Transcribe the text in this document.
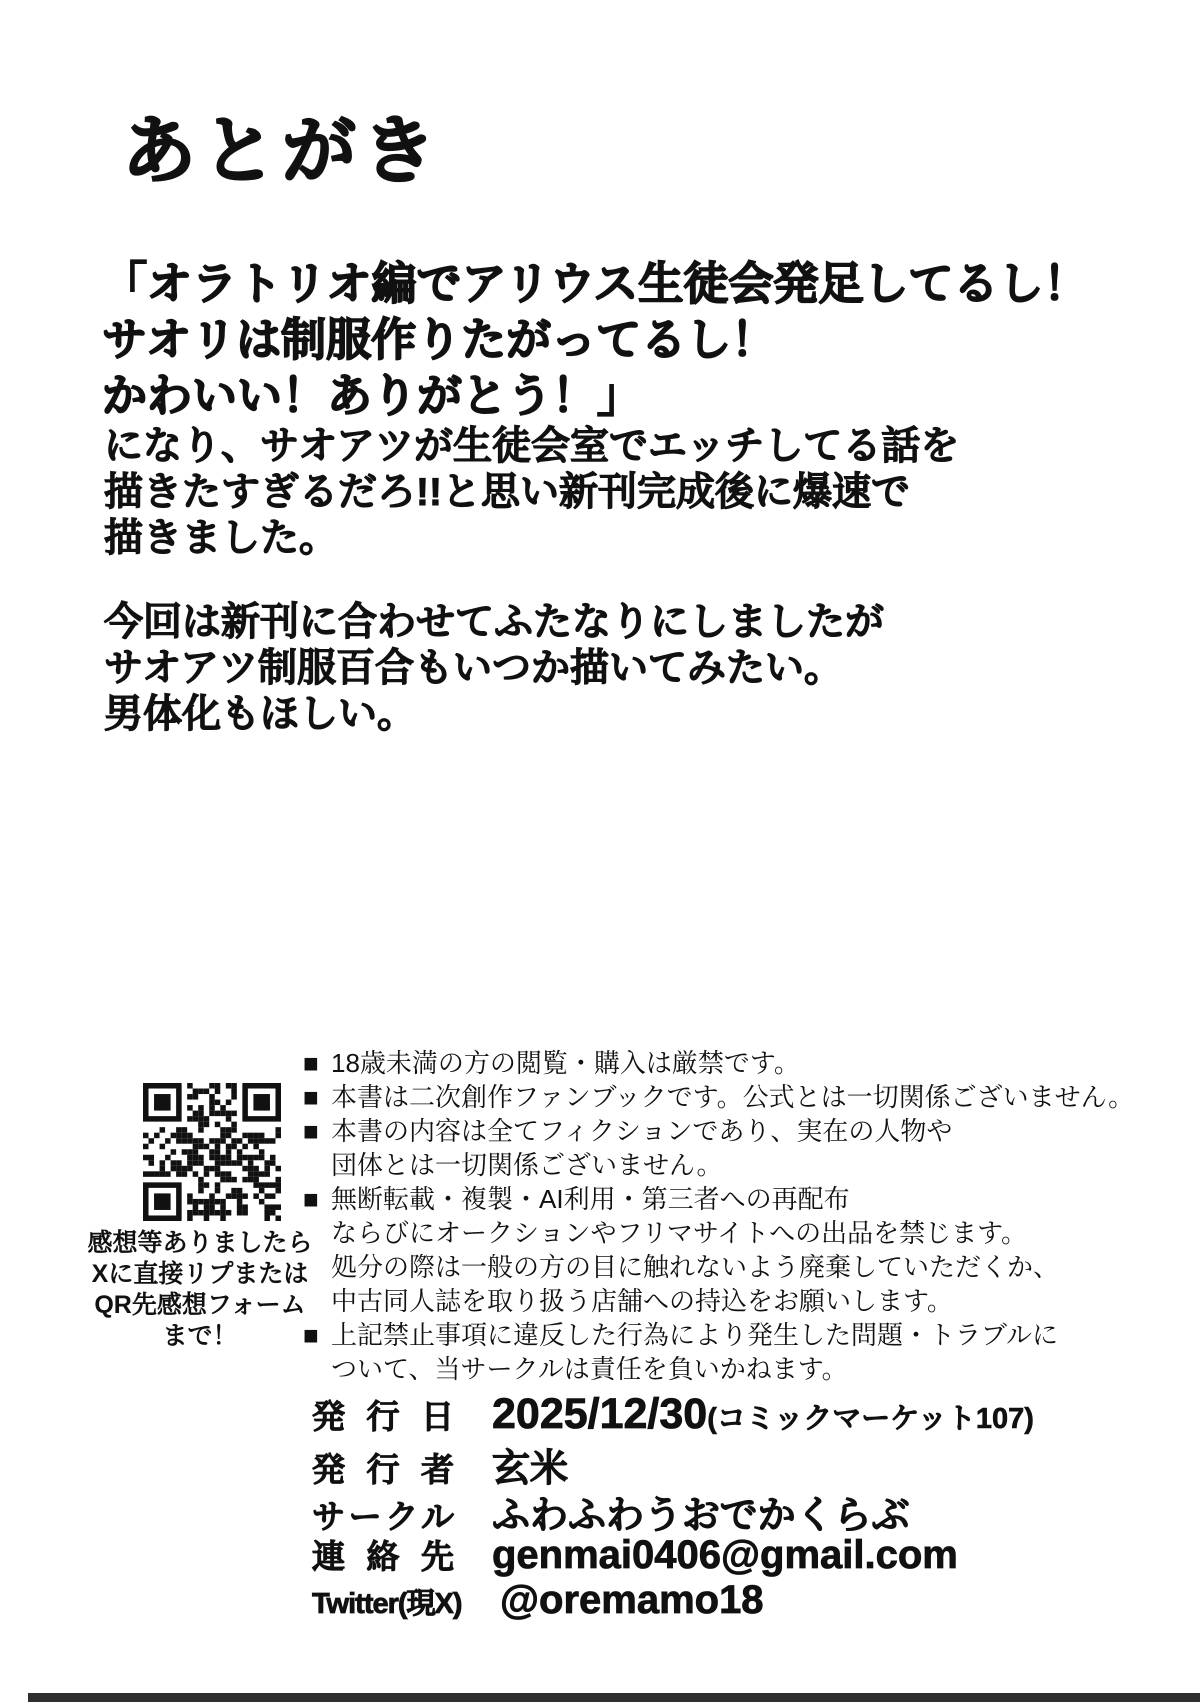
あとがき
「オラトリオ編でアリウス生徒会発足してるし！
サオリは制服作りたがってるし！
かわいい！ありがとう！」
になり、サオアツが生徒会室でエッチしてる話を
描きたすぎるだろ!!と思い新刊完成後に爆速で
描きました。
今回は新刊に合わせてふたなりにしましたが
サオアツ制服百合もいつか描いてみたい。
男体化もほしい。
感想等ありましたら
Xに直接リプまたは
QR先感想フォーム
まで！
■ 18歳未満の方の閲覧・購入は厳禁です。
■ 本書は二次創作ファンブックです。公式とは一切関係ございません。
■ 本書の内容は全てフィクションであり、実在の人物や
団体とは一切関係ございません。
■ 無断転載・複製・AI利用・第三者への再配布
ならびにオークションやフリマサイトへの出品を禁じます。
処分の際は一般の方の目に触れないよう廃棄していただくか、
中古同人誌を取り扱う店舗への持込をお願いします。
■ 上記禁止事項に違反した行為により発生した問題・トラブルに
ついて、当サークルは責任を負いかねます。
発行日 2025/12/30(コミックマーケット107)
発行者 玄米
サークル ふわふわうおでかくらぶ
連絡先 genmai0406@gmail.com
Twitter(現X) @oremamo18
